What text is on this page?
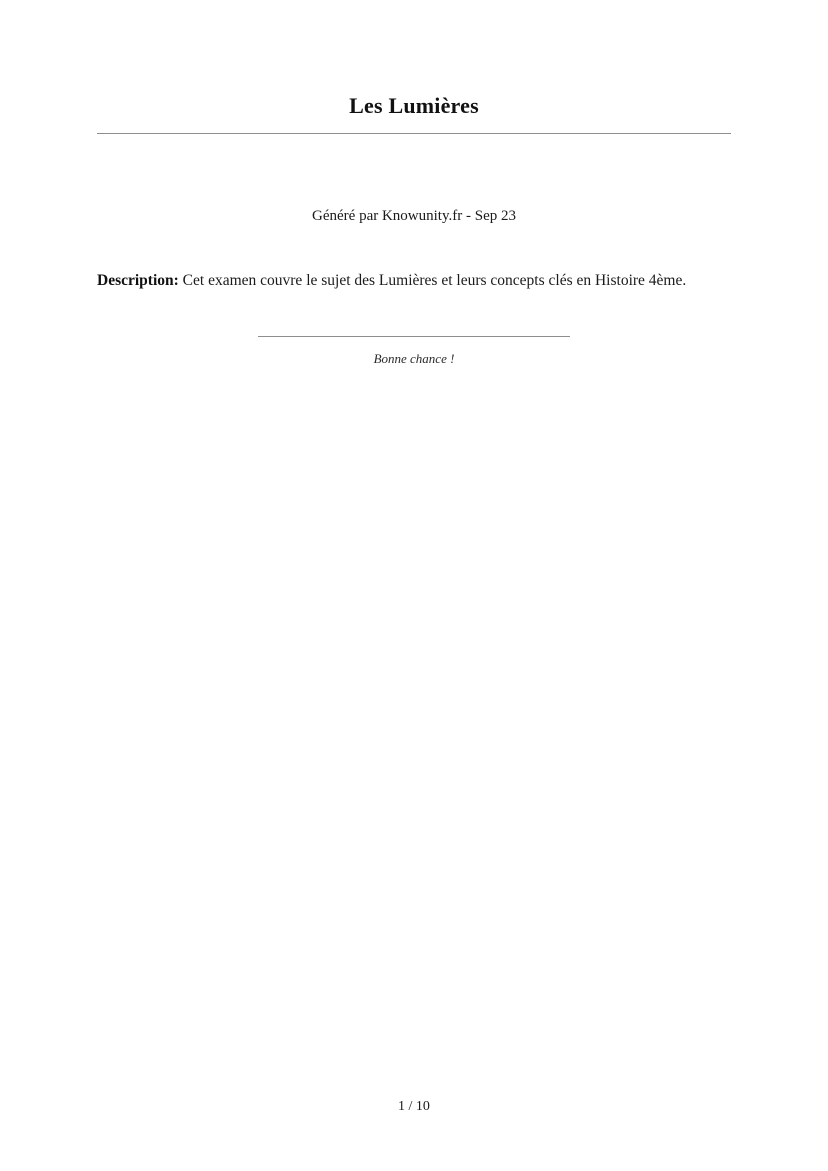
Les Lumières

Généré par Knowunity.fr - Sep 23

Description: Cet examen couvre le sujet des Lumières et leurs concepts clés en Histoire 4ème.

Bonne chance !

1 / 10
